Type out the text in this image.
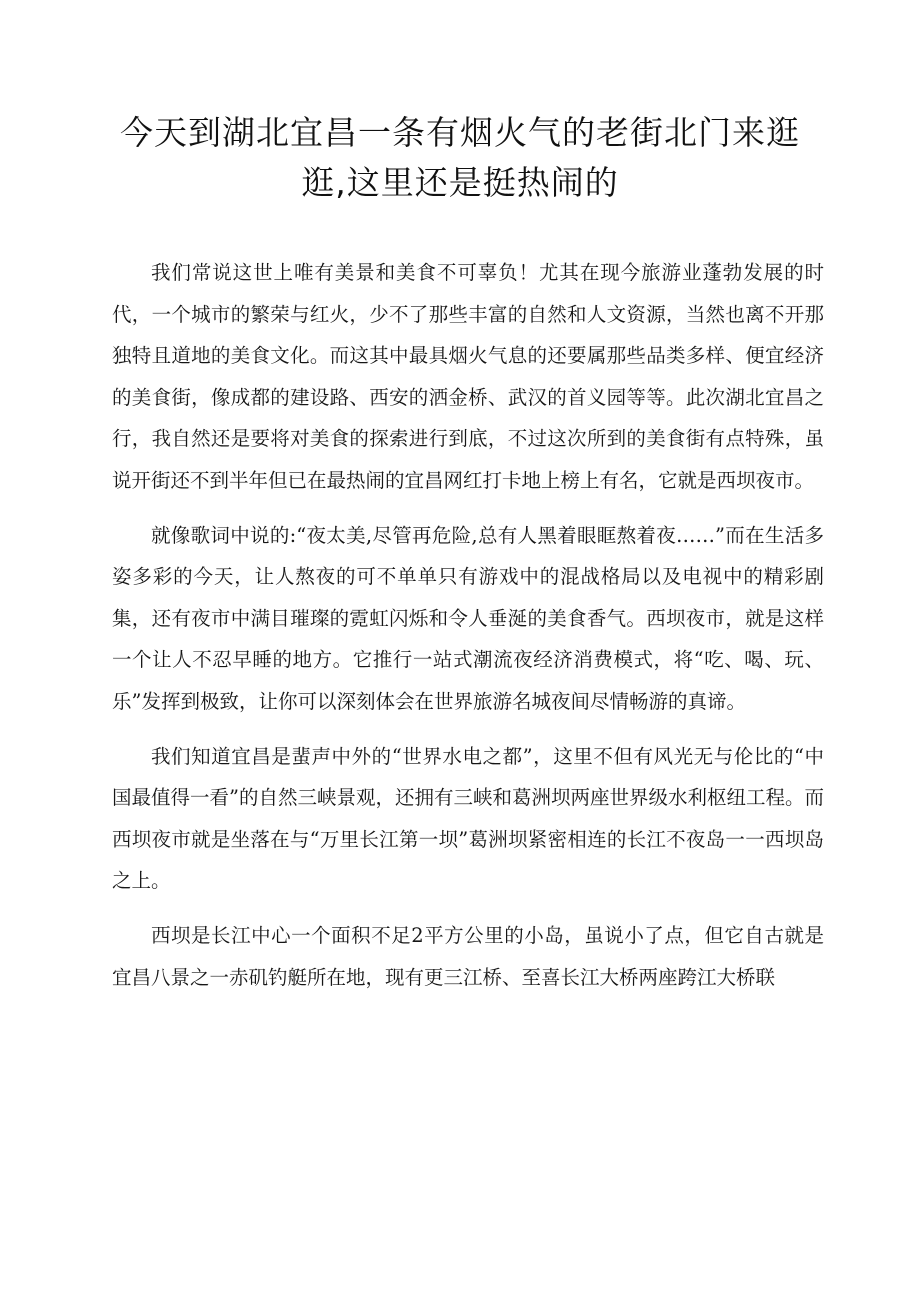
今天到湖北宜昌一条有烟火气的老街北门来逛逛,这里还是挺热闹的

我们常说这世上唯有美景和美食不可辜负！尤其在现今旅游业蓬勃发展的时代，一个城市的繁荣与红火，少不了那些丰富的自然和人文资源，当然也离不开那独特且道地的美食文化。而这其中最具烟火气息的还要属那些品类多样、便宜经济的美食街，像成都的建设路、西安的洒金桥、武汉的首义园等等。此次湖北宜昌之行，我自然还是要将对美食的探索进行到底，不过这次所到的美食街有点特殊，虽说开街还不到半年但已在最热闹的宜昌网红打卡地上榜上有名，它就是西坝夜市。

就像歌词中说的:“夜太美,尽管再危险,总有人黑着眼眶熬着夜……”而在生活多姿多彩的今天，让人熬夜的可不单单只有游戏中的混战格局以及电视中的精彩剧集，还有夜市中满目璀璨的霓虹闪烁和令人垂涎的美食香气。西坝夜市，就是这样一个让人不忍早睡的地方。它推行一站式潮流夜经济消费模式，将“吃、喝、玩、乐”发挥到极致，让你可以深刻体会在世界旅游名城夜间尽情畅游的真谛。

我们知道宜昌是蜚声中外的“世界水电之都”，这里不但有风光无与伦比的“中国最值得一看”的自然三峡景观，还拥有三峡和葛洲坝两座世界级水利枢纽工程。而西坝夜市就是坐落在与“万里长江第一坝”葛洲坝紧密相连的长江不夜岛一一西坝岛之上。

西坝是长江中心一个面积不足2平方公里的小岛，虽说小了点，但它自古就是宜昌八景之一赤矶钓艇所在地，现有更三江桥、至喜长江大桥两座跨江大桥联
